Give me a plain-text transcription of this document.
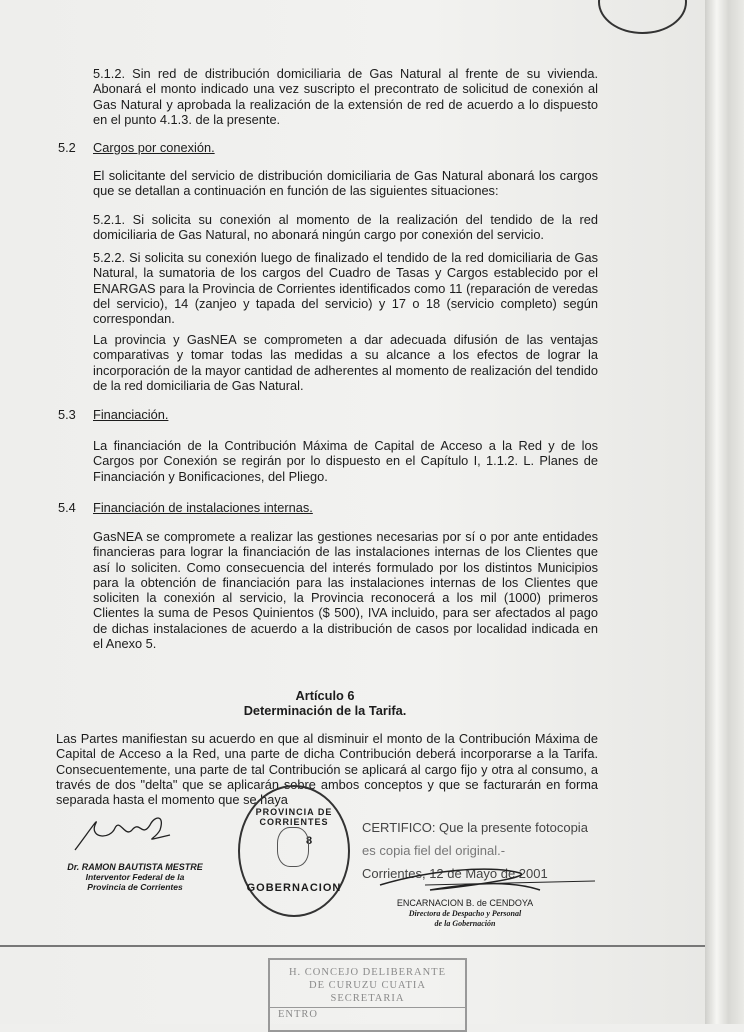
5.1.2. Sin red de distribución domiciliaria de Gas Natural al frente de su vivienda. Abonará el monto indicado una vez suscripto el precontrato de solicitud de conexión al Gas Natural y aprobada la realización de la extensión de red de acuerdo a lo dispuesto en el punto 4.1.3. de la presente.
5.2 Cargos por conexión.
El solicitante del servicio de distribución domiciliaria de Gas Natural abonará los cargos que se detallan a continuación en función de las siguientes situaciones:
5.2.1. Si solicita su conexión al momento de la realización del tendido de la red domiciliaria de Gas Natural, no abonará ningún cargo por conexión del servicio.
5.2.2. Si solicita su conexión luego de finalizado el tendido de la red domiciliaria de Gas Natural, la sumatoria de los cargos del Cuadro de Tasas y Cargos establecido por el ENARGAS para la Provincia de Corrientes identificados como 11 (reparación de veredas del servicio), 14 (zanjeo y tapada del servicio) y 17 o 18 (servicio completo) según correspondan.
La provincia y GasNEA se comprometen a dar adecuada difusión de las ventajas comparativas y tomar todas las medidas a su alcance a los efectos de lograr la incorporación de la mayor cantidad de adherentes al momento de realización del tendido de la red domiciliaria de Gas Natural.
5.3 Financiación.
La financiación de la Contribución Máxima de Capital de Acceso a la Red y de los Cargos por Conexión se regirán por lo dispuesto en el Capítulo I, 1.1.2. L. Planes de Financiación y Bonificaciones, del Pliego.
5.4 Financiación de instalaciones internas.
GasNEA se compromete a realizar las gestiones necesarias por sí o por ante entidades financieras para lograr la financiación de las instalaciones internas de los Clientes que así lo soliciten. Como consecuencia del interés formulado por los distintos Municipios para la obtención de financiación para las instalaciones internas de los Clientes que soliciten la conexión al servicio, la Provincia reconocerá a los mil (1000) primeros Clientes la suma de Pesos Quinientos ($ 500), IVA incluido, para ser afectados al pago de dichas instalaciones de acuerdo a la distribución de casos por localidad indicada en el Anexo 5.
Artículo 6
Determinación de la Tarifa.
Las Partes manifiestan su acuerdo en que al disminuir el monto de la Contribución Máxima de Capital de Acceso a la Red, una parte de dicha Contribución deberá incorporarse a la Tarifa. Consecuentemente, una parte de tal Contribución se aplicará al cargo fijo y otra al consumo, a través de dos "delta" que se aplicarán sobre ambos conceptos y que se facturarán en forma separada hasta el momento que se haya
Dr. RAMON BAUTISTA MESTRE
Interventor Federal de la
Provincia de Corrientes
PROVINCIA DE CORRIENTES
8
GOBERNACION
CERTIFICO: Que la presente fotocopia
es copia fiel del original.-
Corrientes, 12 de Mayo de 2001
ENCARNACION B. de CENDOYA
Directora de Despacho y Personal
de la Gobernación
H. CONCEJO DELIBERANTE
DE CURUZU CUATIA
SECRETARIA
ENTRO
